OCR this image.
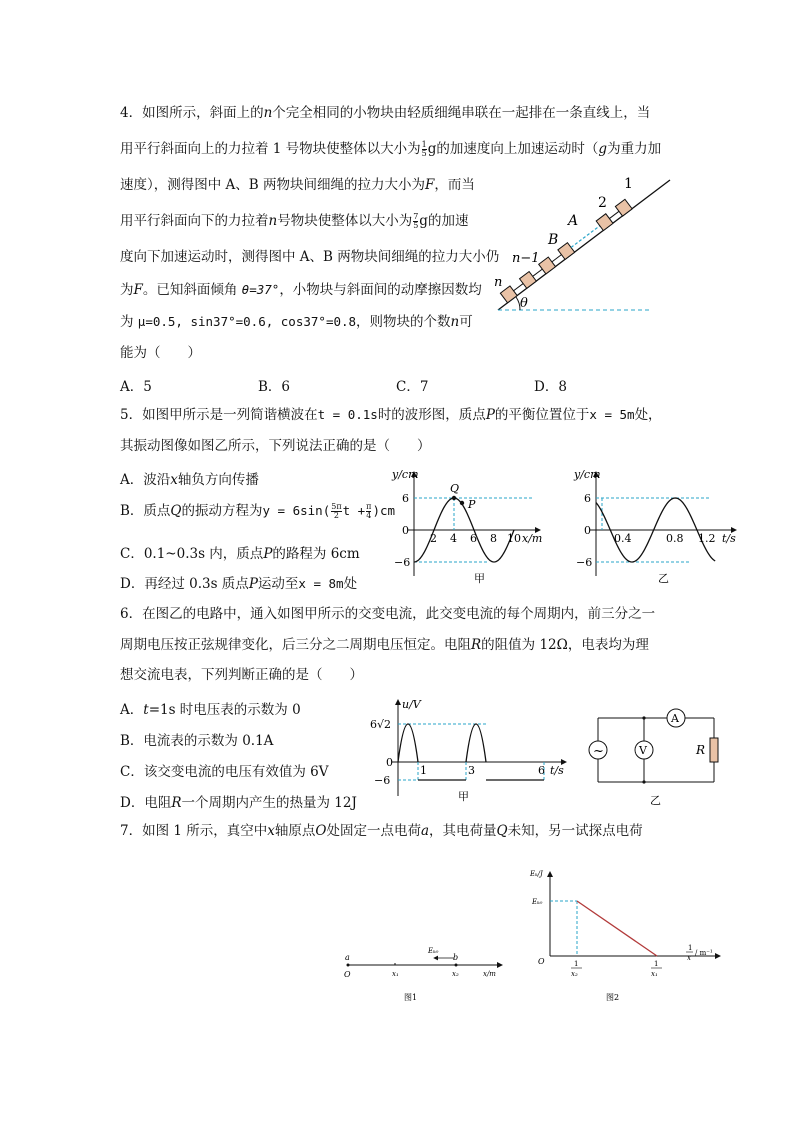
4．如图所示，斜面上的n个完全相同的小物块由轻质细绳串联在一起排在一条直线上，当
用平行斜面向上的力拉着 1 号物块使整体以大小为 $\frac{1}{5}$ g的加速度向上加速运动时（g为重力加
速度），测得图中 A、B 两物块间细绳的拉力大小为F，而当
用平行斜面向下的力拉着n号物块使整体以大小为 $\frac{7}{5}$ g的加速
度向下加速运动时，测得图中 A、B 两物块间细绳的拉力大小仍
为F。已知斜面倾角 θ=37°，小物块与斜面间的动摩擦因数均
为 μ=0.5, sin37°=0.6, cos37°=0.8，则物块的个数n可
能为（　　）
A．5	B．6	C．7	D．8
1
2
A
B
n−1
n
θ
5．如图甲所示是一列简谐横波在t = 0.1s时的波形图，质点P的平衡位置位于x = 5m处，
其振动图像如图乙所示，下列说法正确的是（　　）
A．波沿x轴负方向传播
B．质点Q的振动方程为$y = 6\sin( \frac{5\pi}{2}$ $t + \frac{\pi}{4} )cm$
C．0.1~0.3s 内，质点P的路程为 6cm
D．再经过 0.3s 质点P运动至x = 8m处
y/cm
x/m
6
−6
0
2 4 6 8 10
Q
P
甲
y/cm
t/s
6
−6
0
0.4	0.8 1.2
乙
6．在图乙的电路中，通入如图甲所示的交变电流，此交变电流的每个周期内，前三分之一
周期电压按正弦规律变化，后三分之二周期电压恒定。电阻R的阻值为 12Ω，电表均为理
想交流电表，下列判断正确的是（　　）
A．t=1s 时电压表的示数为 0
B．电流表的示数为 0.1A
C．该交变电流的电压有效值为 6V
D．电阻R一个周期内产生的热量为 12J
u/V
t/s
6√2
−6
0
1	3	6
甲
~	V
A
R
乙
7．如图 1 所示，真空中x轴原点O处固定一点电荷a，其电荷量Q未知，另一试探点电荷
a
O
Eₖ₀
b
x₁	x₂	x/m
图1
Eₖ/J
Eₖ₀
O	1
x₂
1
x₁
1
x
/ m⁻¹
图2
